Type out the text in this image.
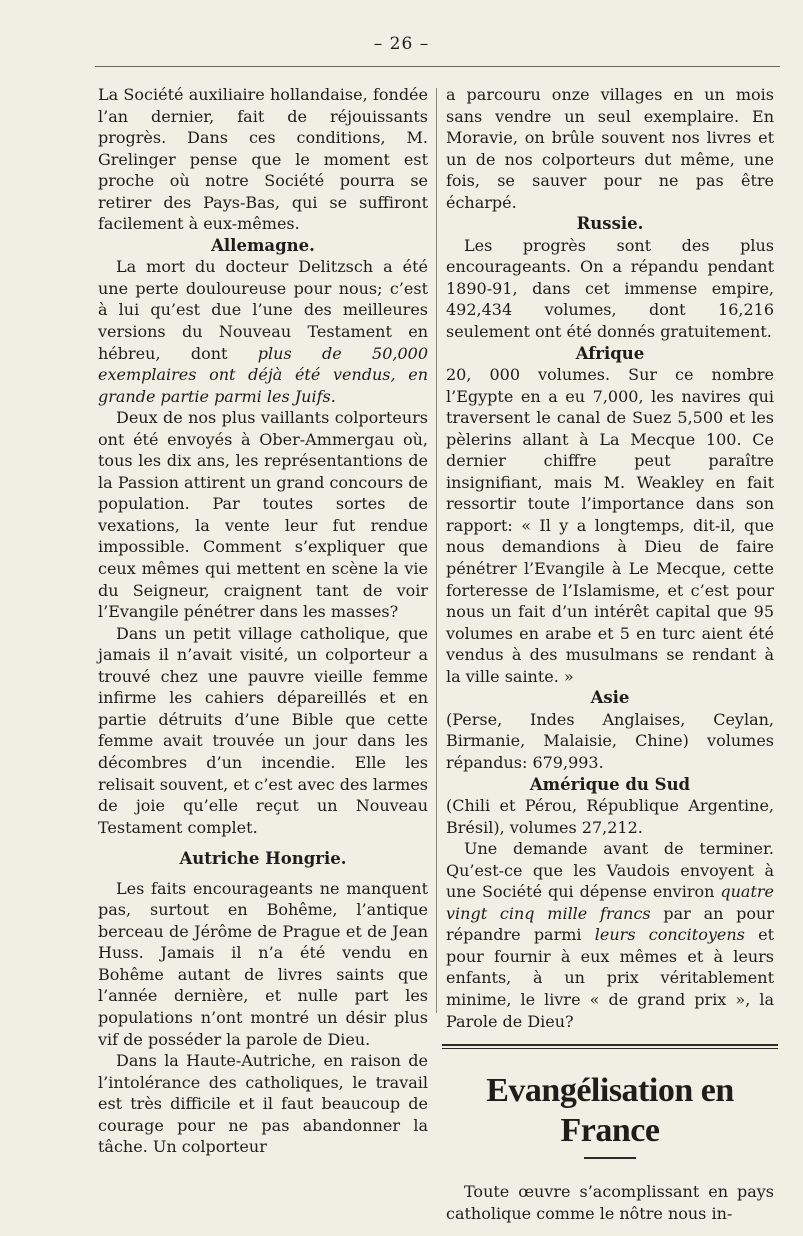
– 26 –

La Société auxiliaire hollandaise, fondée l’an dernier, fait de réjouissants progrès. Dans ces conditions, M. Grelinger pense que le moment est proche où notre Société pourra se retirer des Pays-Bas, qui se suffiront facilement à eux-mêmes.

Allemagne.

La mort du docteur Delitzsch a été une perte douloureuse pour nous; c’est à lui qu’est due l’une des meilleures versions du Nouveau Testament en hébreu, dont plus de 50,000 exemplaires ont déjà été vendus, en grande partie parmi les Juifs.

Deux de nos plus vaillants colporteurs ont été envoyés à Ober-Ammergau où, tous les dix ans, les représentantions de la Passion attirent un grand concours de population. Par toutes sortes de vexations, la vente leur fut rendue impossible. Comment s’expliquer que ceux mêmes qui mettent en scène la vie du Seigneur, craignent tant de voir l’Evangile pénétrer dans les masses?

Dans un petit village catholique, que jamais il n’avait visité, un colporteur a trouvé chez une pauvre vieille femme infirme les cahiers dépareillés et en partie détruits d’une Bible que cette femme avait trouvée un jour dans les décombres d’un incendie. Elle les relisait souvent, et c’est avec des larmes de joie qu’elle reçut un Nouveau Testament complet.

Autriche Hongrie.

Les faits encourageants ne manquent pas, surtout en Bohême, l’antique berceau de Jérôme de Prague et de Jean Huss. Jamais il n’a été vendu en Bohême autant de livres saints que l’année dernière, et nulle part les populations n’ont montré un désir plus vif de posséder la parole de Dieu.

Dans la Haute-Autriche, en raison de l’intolérance des catholiques, le travail est très difficile et il faut beaucoup de courage pour ne pas abandonner la tâche. Un colporteur

a parcouru onze villages en un mois sans vendre un seul exemplaire. En Moravie, on brûle souvent nos livres et un de nos colporteurs dut même, une fois, se sauver pour ne pas être écharpé.

Russie.

Les progrès sont des plus encourageants. On a répandu pendant 1890-91, dans cet immense empire, 492,434 volumes, dont 16,216 seulement ont été donnés gratuitement.

Afrique

20, 000 volumes. Sur ce nombre l’Egypte en a eu 7,000, les navires qui traversent le canal de Suez 5,500 et les pèlerins allant à La Mecque 100. Ce dernier chiffre peut paraître insignifiant, mais M. Weakley en fait ressortir toute l’importance dans son rapport: « Il y a longtemps, dit-il, que nous demandions à Dieu de faire pénétrer l’Evangile à Le Mecque, cette forteresse de l’Islamisme, et c’est pour nous un fait d’un intérêt capital que 95 volumes en arabe et 5 en turc aient été vendus à des musulmans se rendant à la ville sainte. »

Asie

(Perse, Indes Anglaises, Ceylan, Birmanie, Malaisie, Chine) volumes répandus: 679,993.

Amérique du Sud

(Chili et Pérou, République Argentine, Brésil), volumes 27,212.

Une demande avant de terminer. Qu’est-ce que les Vaudois envoyent à une Société qui dépense environ quatre vingt cinq mille francs par an pour répandre parmi leurs concitoyens et pour fournir à eux mêmes et à leurs enfants, à un prix véritablement minime, le livre « de grand prix », la Parole de Dieu?

Evangélisation en France

Toute œuvre s’acomplissant en pays catholique comme le nôtre nous in-
